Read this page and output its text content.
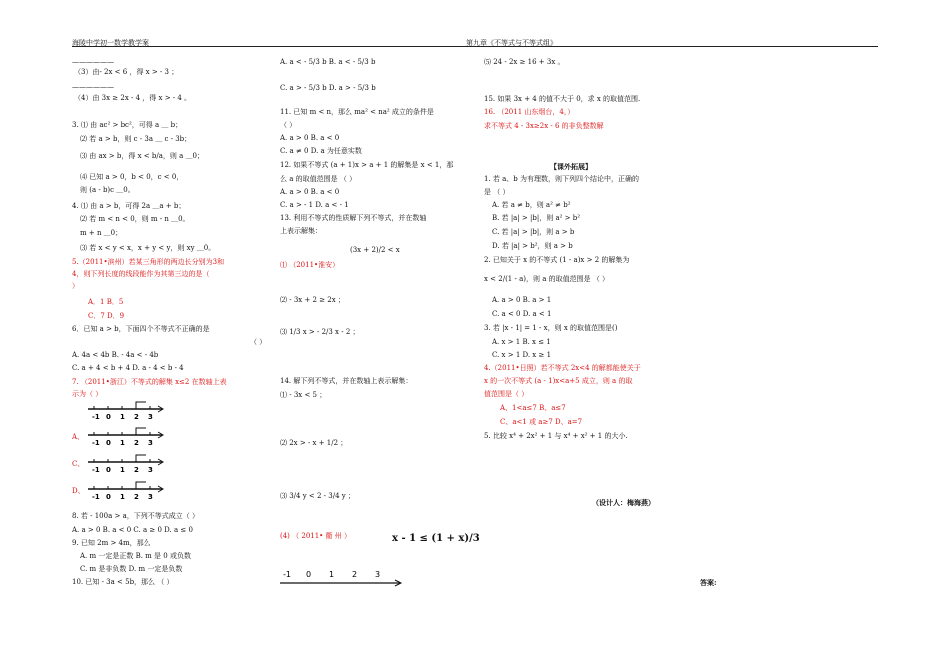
海陵中学初一数学教学案	第九章《不等式与不等式组》
——————
（3）由- 2x < 6 ，得 x > - 3 ；
——————
（4）由 3x ≥ 2x - 4 ，得 x > - 4 。
3. ⑴ 由 ac² > bc²，可得 a ＿ b；
⑵ 若 a > b，则 c - 3a ＿ c - 3b；
⑶ 由 ax > b，得 x < b/a，则 a ＿0；
⑷ 已知 a > 0，b < 0，c < 0，
则 (a - b)c ＿0。
4. ⑴ 由 a > b，可得 2a ＿a + b；
⑵ 若 m < n < 0，则 m - n ＿0。
m + n ＿0；
⑶ 若 x < y < x，x + y < y，则 xy ＿0。
5.（2011•滨州）若某三角形的两边长分别为3和
4，则下列长度的线段能作为其第三边的是（
）
A．1 B．5
C．7 D．9
6．已知 a > b，下面四个不等式不正确的是
（ ）
A. 4a < 4b B. - 4a < - 4b
C. a + 4 < b + 4 D. a - 4 < b - 4
7. （2011•浙江）不等式的解集 x≤2 在数轴上表
示为（ ）
8. 若 - 100a > a，下列不等式成立（ ）
A. a > 0 B. a < 0 C. a ≥ 0 D. a ≤ 0
9. 已知 2m > 4m，那么
A. m 一定是正数 B. m 是 0 或负数
C. m 是非负数 D. m 一定是负数
10. 已知 - 3a < 5b，那么 （ ）
-1 0 1 2 3
A、
-1 0 1 2 3
C、
-1 0 1 2 3
D、
-1 0 1 2 3
A. a < - 5/3 b B. a < - 5/3 b
C. a > - 5/3 b D. a > - 5/3 b
11. 已知 m < n，那么 ma² < na² 成立的条件是
（ ）
A. a > 0 B. a < 0
C. a ≠ 0 D. a 为任意实数
12. 如果不等式 (a + 1)x > a + 1 的解集是 x < 1，那
么 a 的取值范围是 （ ）
A. a > 0 B. a < 0
C. a > - 1 D. a < - 1
13. 利用不等式的性质解下列不等式，并在数轴
上表示解集：
(3x + 2)/2 < x
⑴ （2011•淮安）
⑵ - 3x + 2 ≥ 2x ；
⑶ 1/3 x > - 2/3 x - 2 ；
14. 解下列不等式，并在数轴上表示解集：
⑴ - 3x < 5 ；
⑵ 2x > - x + 1/2 ；
⑶ 3/4 y < 2 - 3/4 y ；
(4) （ 2011• 衢 州 ）	x - 1 ≤ (1 + x)/3
-1 0 1 2 3
⑸ 24 - 2x ≥ 16 + 3x 。
15. 如果 3x + 4 的值不大于 0，求 x 的取值范围.
16. （2011 山东烟台，4，）
求不等式 4 - 3x≥2x - 6 的非负整数解
【课外拓展】
1. 若 a、b 为有理数，则下列四个结论中，正确的
是 （ ）
A. 若 a ≠ b，则 a² ≠ b²
B. 若 |a| > |b|，则 a² > b²
C. 若 |a| > |b|，则 a > b
D. 若 |a| > b²，则 a > b
2. 已知关于 x 的不等式 (1 - a)x > 2 的解集为
x < 2/(1 - a)，则 a 的取值范围是 （ ）
A. a > 0 B. a > 1
C. a < 0 D. a < 1
3. 若 |x - 1| = 1 - x，则 x 的取值范围是()
A. x > 1 B. x ≤ 1
C. x > 1 D. x ≥ 1
4.（2011•日照）若不等式 2x<4 的解都能使关于
x 的一次不等式 (a - 1)x<a+5 成立，则 a 的取
值范围是（ ）
A、1<a≤7 B、a≤7
C、a<1 或 a≥7 D、a=7
5. 比较 x⁴ + 2x² + 1 与 x⁴ + x² + 1 的大小.
（设计人：梅海燕）
答案:
